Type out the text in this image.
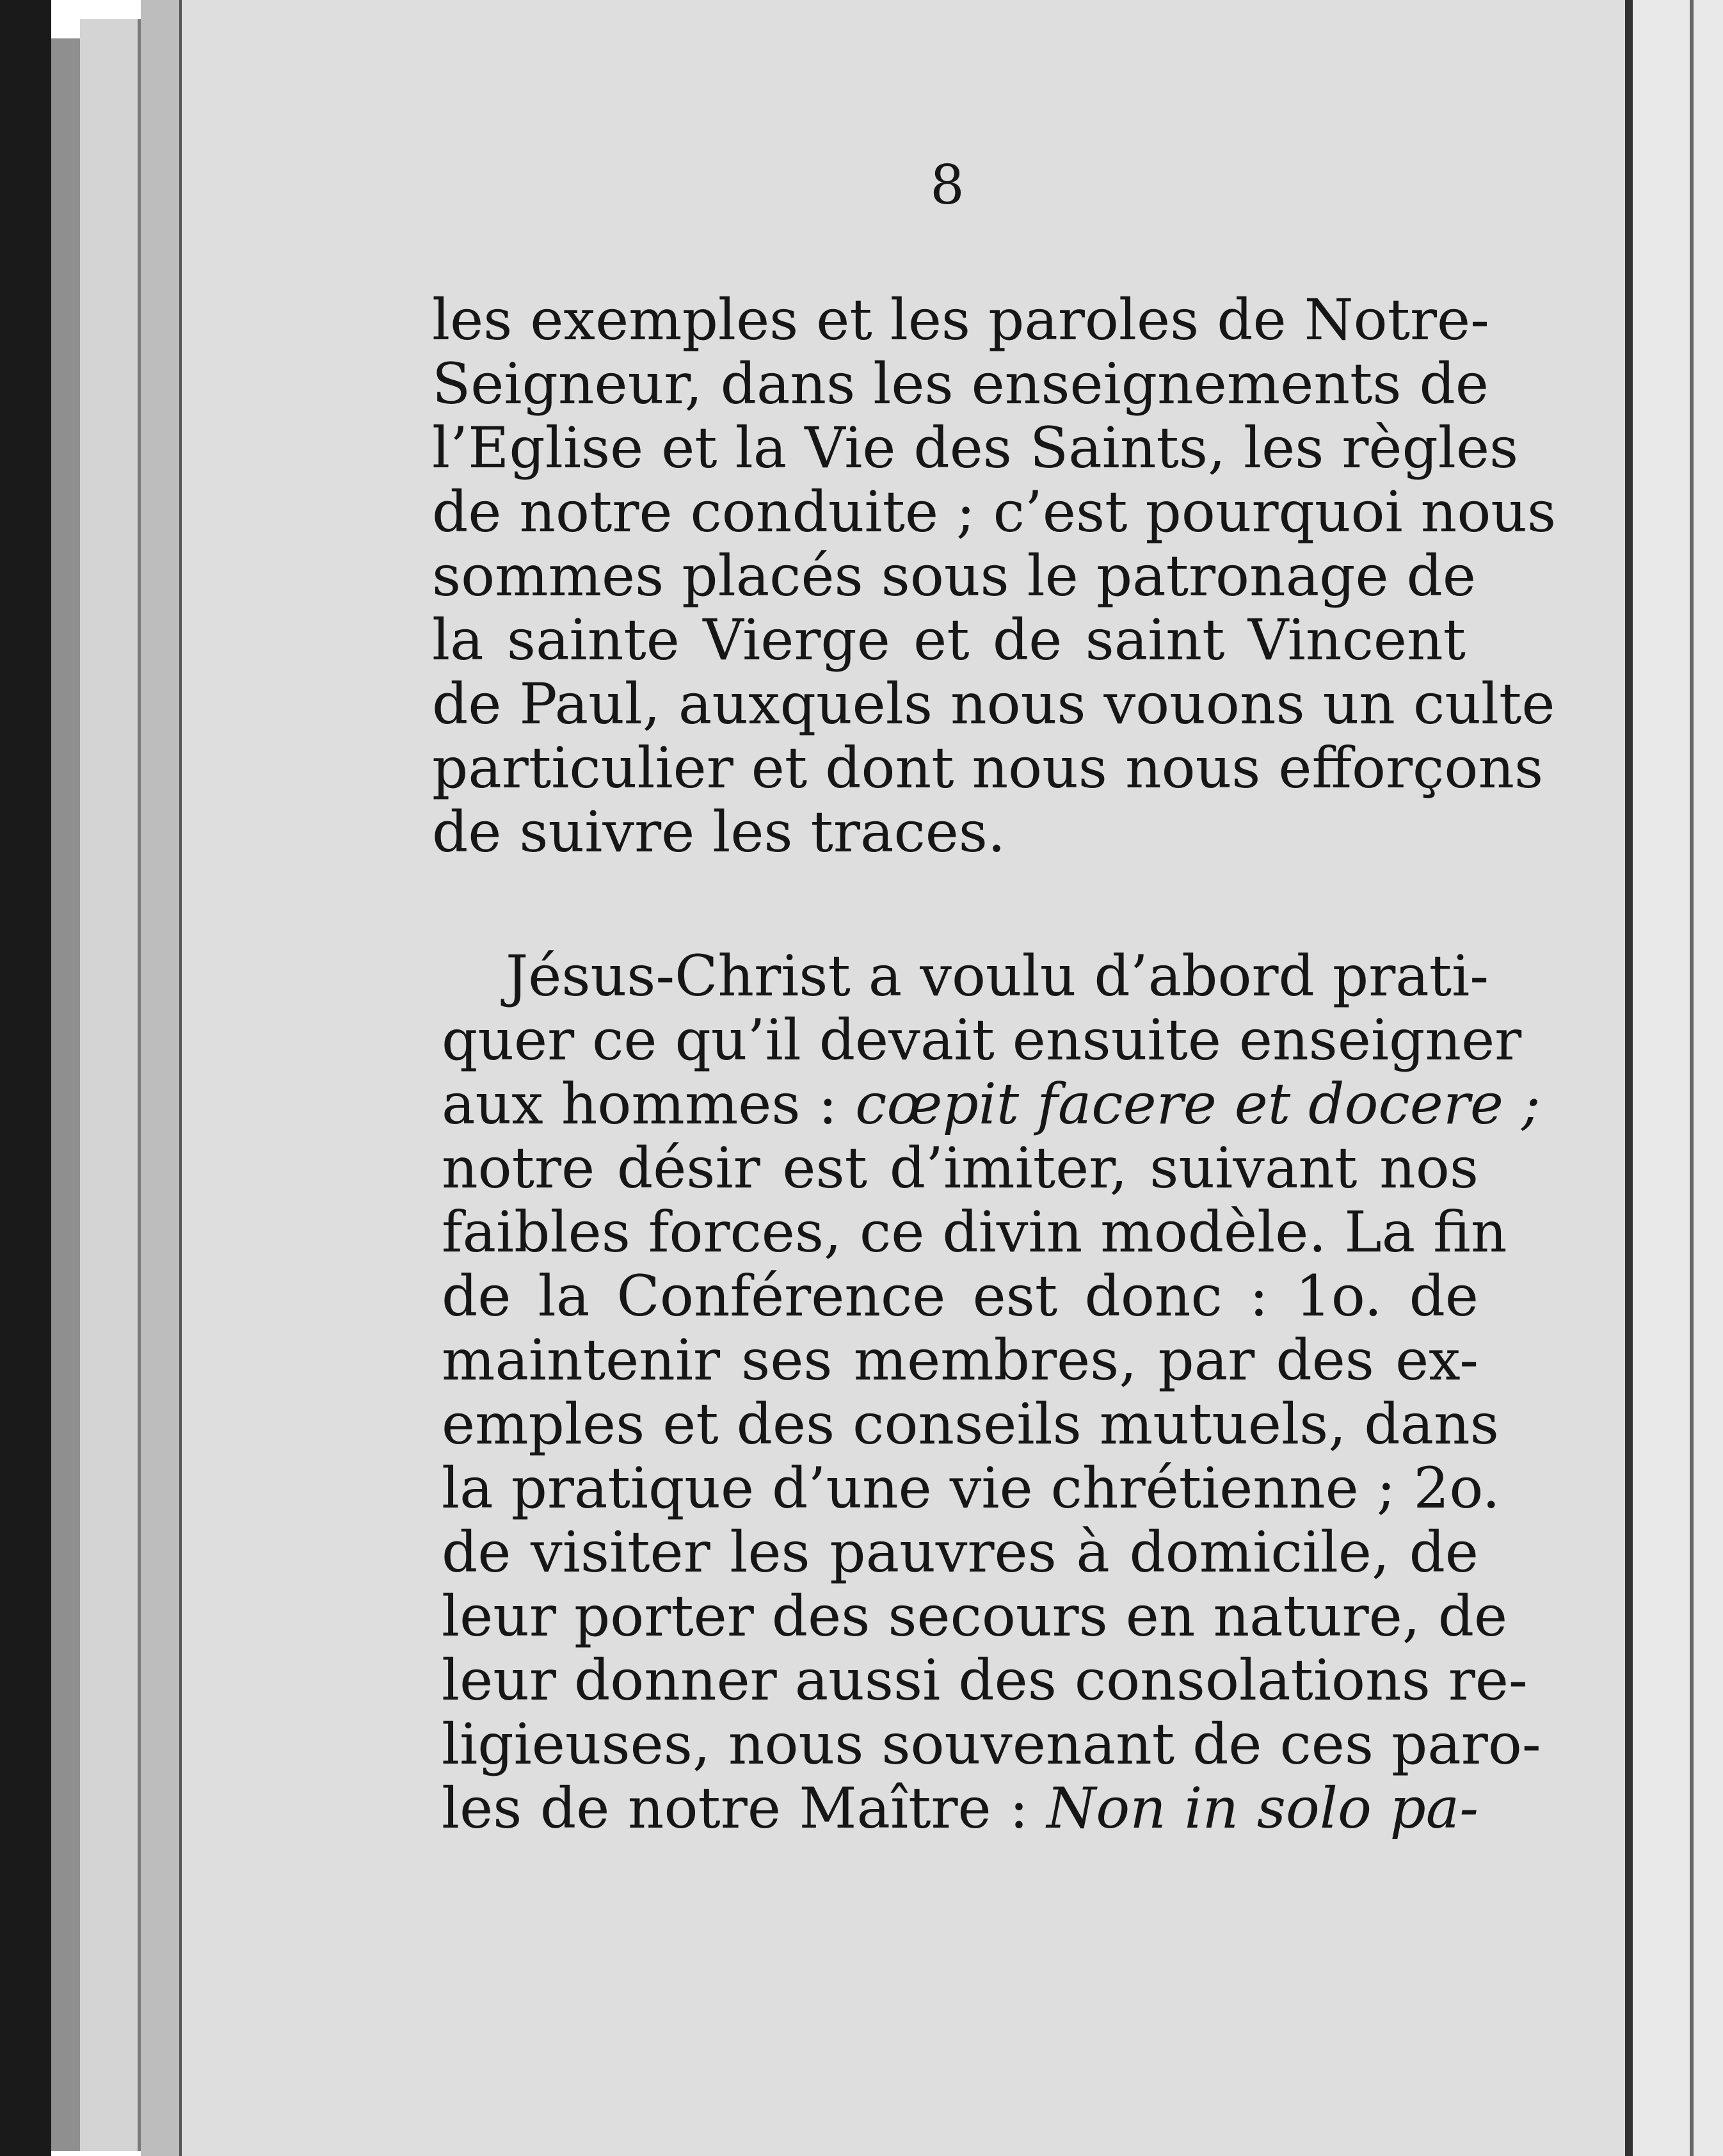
8
les exemples et les paroles de Notre-
Seigneur, dans les enseignements de
l’Eglise et la Vie des Saints, les règles
de notre conduite ; c’est pourquoi nous
sommes placés sous le patronage de
la sainte Vierge et de saint Vincent
de Paul, auxquels nous vouons un culte
particulier et dont nous nous efforçons
de suivre les traces.
Jésus-Christ a voulu d’abord prati-
quer ce qu’il devait ensuite enseigner
aux hommes : cœpit facere et docere ;
notre désir est d’imiter, suivant nos
faibles forces, ce divin modèle. La fin
de la Conférence est donc : 1o. de
maintenir ses membres, par des ex-
emples et des conseils mutuels, dans
la pratique d’une vie chrétienne ; 2o.
de visiter les pauvres à domicile, de
leur porter des secours en nature, de
leur donner aussi des consolations re-
ligieuses, nous souvenant de ces paro-
les de notre Maître : Non in solo pa-
